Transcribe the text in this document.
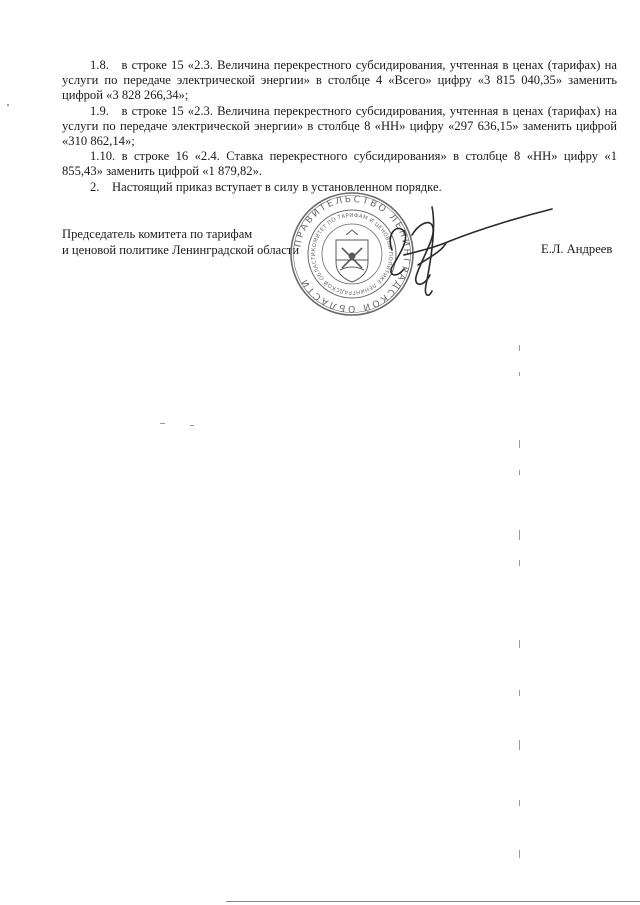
1.8. в строке 15 «2.3. Величина перекрестного субсидирования, учтенная в ценах (тарифах) на услуги по передаче электрической энергии» в столбце 4 «Всего» цифру «3 815 040,35» заменить цифрой «3 828 266,34»;

1.9. в строке 15 «2.3. Величина перекрестного субсидирования, учтенная в ценах (тарифах) на услуги по передаче электрической энергии» в столбце 8 «НН» цифру «297 636,15» заменить цифрой «310 862,14»;

1.10. в строке 16 «2.4. Ставка перекрестного субсидирования» в столбце 8 «НН» цифру «1 855,43» заменить цифрой «1 879,82».

2. Настоящий приказ вступает в силу в установленном порядке.

Председатель комитета по тарифам
и ценовой политике Ленинградской области	Е.Л. Андреев
ПРАВИТЕЛЬСТВО ЛЕНИНГРАДСКОЙ ОБЛАСТИ
КОМИТЕТ ПО ТАРИФАМ И ЦЕНОВОЙ ПОЛИТИКЕ ЛЕНИНГРАДСКОЙ ОБЛАСТИ
